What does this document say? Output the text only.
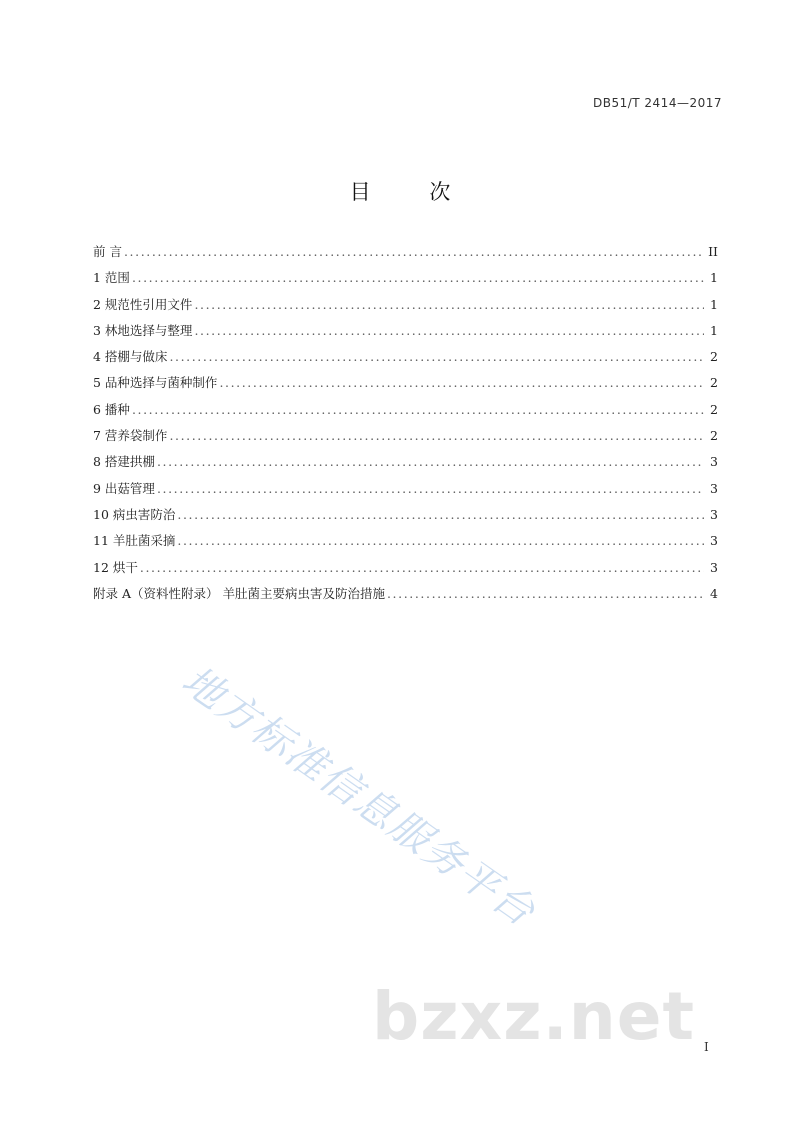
DB51/T 2414—2017
目 次
前 言 .....	II
1 范围 .....	1
2 规范性引用文件 .....	1
3 林地选择与整理 .....	1
4 搭棚与做床 .....	2
5 品种选择与菌种制作 .....	2
6 播种 .....	2
7 营养袋制作 .....	2
8 搭建拱棚 .....	3
9 出菇管理 .....	3
10 病虫害防治 .....	3
11 羊肚菌采摘 .....	3
12 烘干 .....	3
附录 A（资料性附录） 羊肚菌主要病虫害及防治措施 .....	4
地方标准信息服务平台
bzxz.net I
